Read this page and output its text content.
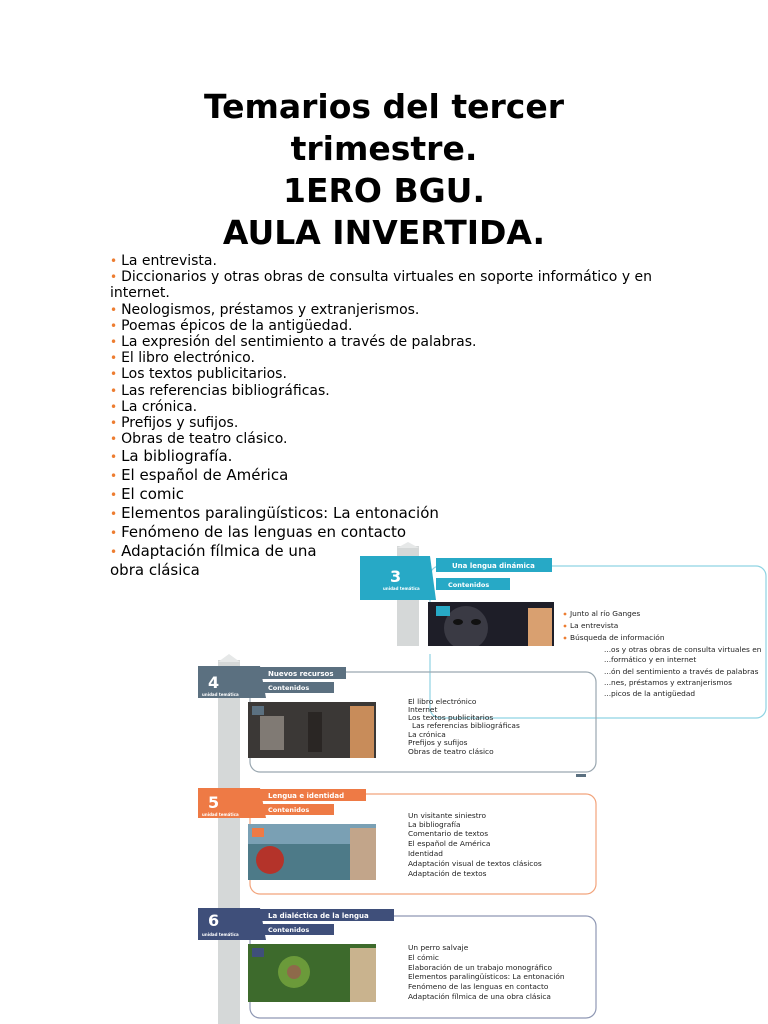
Temarios del tercer
trimestre.
1ERO BGU.
AULA INVERTIDA.
• La entrevista.
• Diccionarios y otras obras de consulta virtuales en soporte informático y en internet.
• Neologismos, préstamos y extranjerismos.
• Poemas épicos de la antigüedad.
• La expresión del sentimiento a través de palabras.
• El libro electrónico.
• Los textos publicitarios.
• Las referencias bibliográficas.
• La crónica.
• Prefijos y sufijos.
• Obras de teatro clásico.
• La bibliografía.
• El español de América
• El comic
• Elementos paralingüísticos: La entonación
• Fenómeno de las lenguas en contacto
• Adaptación fílmica de una obra clásica	3
unidad temática
Una lengua dinámica
Contenidos
Junto al río Ganges
La entrevista
Búsqueda de información
...os y otras obras de consulta virtuales en
...formático y en internet
...ón del sentimiento a través de palabras
...nes, préstamos y extranjerismos
...picos de la antigüedad
4
unidad temática
Nuevos recursos
Contenidos
El libro electrónico
Internet
Los textos publicitarios
Las referencias bibliográficas
La crónica
Prefijos y sufijos
Obras de teatro clásico
5
unidad temática
Lengua e identidad
Contenidos
Un visitante siniestro
La bibliografía
Comentario de textos
El español de América
Identidad
Adaptación visual de textos clásicos
Adaptación de textos
6
unidad temática
La dialéctica de la lengua
Contenidos
Un perro salvaje
El cómic
Elaboración de un trabajo monográfico
Elementos paralingüísticos: La entonación
Fenómeno de las lenguas en contacto
Adaptación fílmica de una obra clásica
